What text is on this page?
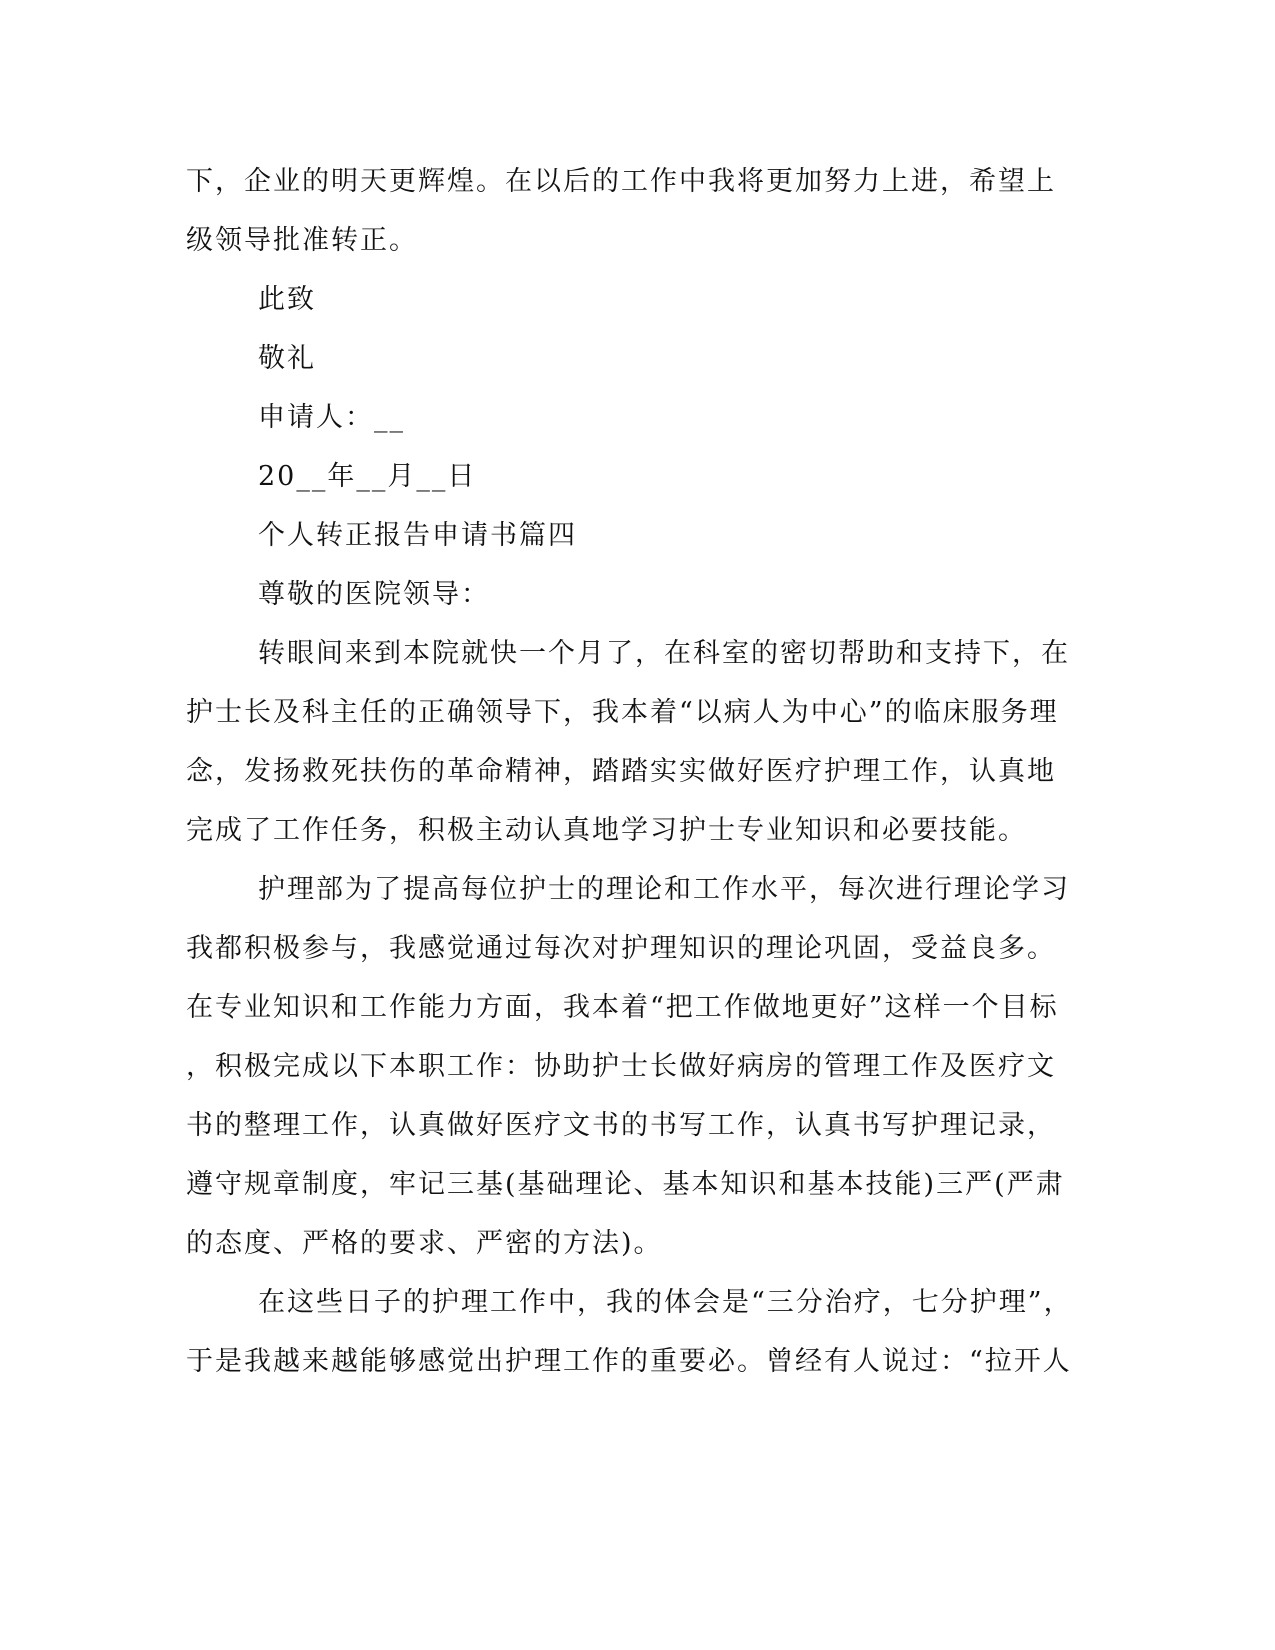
下，企业的明天更辉煌。在以后的工作中我将更加努力上进，希望上
级领导批准转正。
此致
敬礼
申请人：__
20__年__月__日
个人转正报告申请书篇四
尊敬的医院领导：
转眼间来到本院就快一个月了，在科室的密切帮助和支持下，在
护士长及科主任的正确领导下，我本着“以病人为中心”的临床服务理
念，发扬救死扶伤的革命精神，踏踏实实做好医疗护理工作，认真地
完成了工作任务，积极主动认真地学习护士专业知识和必要技能。
护理部为了提高每位护士的理论和工作水平，每次进行理论学习
我都积极参与，我感觉通过每次对护理知识的理论巩固，受益良多。
在专业知识和工作能力方面，我本着“把工作做地更好”这样一个目标
，积极完成以下本职工作：协助护士长做好病房的管理工作及医疗文
书的整理工作，认真做好医疗文书的书写工作，认真书写护理记录，
遵守规章制度，牢记三基(基础理论、基本知识和基本技能)三严(严肃
的态度、严格的要求、严密的方法)。
在这些日子的护理工作中，我的体会是“三分治疗，七分护理”，
于是我越来越能够感觉出护理工作的重要必。曾经有人说过：“拉开人
